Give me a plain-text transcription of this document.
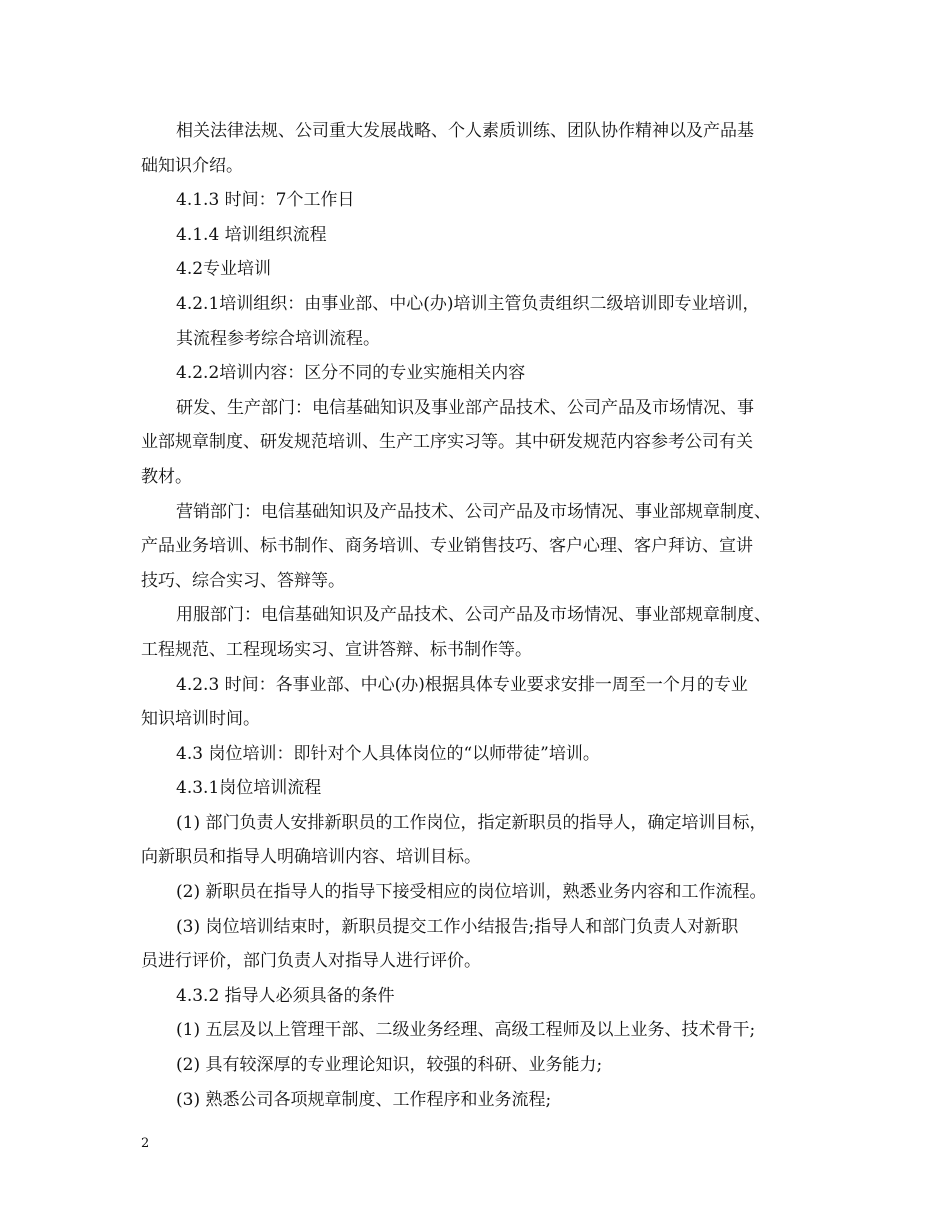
相关法律法规、公司重大发展战略、个人素质训练、团队协作精神以及产品基
础知识介绍。
4.1.3 时间：7个工作日
4.1.4 培训组织流程
4.2专业培训
4.2.1培训组织：由事业部、中心(办)培训主管负责组织二级培训即专业培训，
其流程参考综合培训流程。
4.2.2培训内容：区分不同的专业实施相关内容
研发、生产部门：电信基础知识及事业部产品技术、公司产品及市场情况、事
业部规章制度、研发规范培训、生产工序实习等。其中研发规范内容参考公司有关
教材。
营销部门：电信基础知识及产品技术、公司产品及市场情况、事业部规章制度、
产品业务培训、标书制作、商务培训、专业销售技巧、客户心理、客户拜访、宣讲
技巧、综合实习、答辩等。
用服部门：电信基础知识及产品技术、公司产品及市场情况、事业部规章制度、
工程规范、工程现场实习、宣讲答辩、标书制作等。
4.2.3 时间：各事业部、中心(办)根据具体专业要求安排一周至一个月的专业
知识培训时间。
4.3 岗位培训：即针对个人具体岗位的“以师带徒”培训。
4.3.1岗位培训流程
(1) 部门负责人安排新职员的工作岗位，指定新职员的指导人，确定培训目标，
向新职员和指导人明确培训内容、培训目标。
(2) 新职员在指导人的指导下接受相应的岗位培训，熟悉业务内容和工作流程。
(3) 岗位培训结束时，新职员提交工作小结报告;指导人和部门负责人对新职
员进行评价，部门负责人对指导人进行评价。
4.3.2 指导人必须具备的条件
(1) 五层及以上管理干部、二级业务经理、高级工程师及以上业务、技术骨干;
(2) 具有较深厚的专业理论知识，较强的科研、业务能力;
(3) 熟悉公司各项规章制度、工作程序和业务流程;
2
